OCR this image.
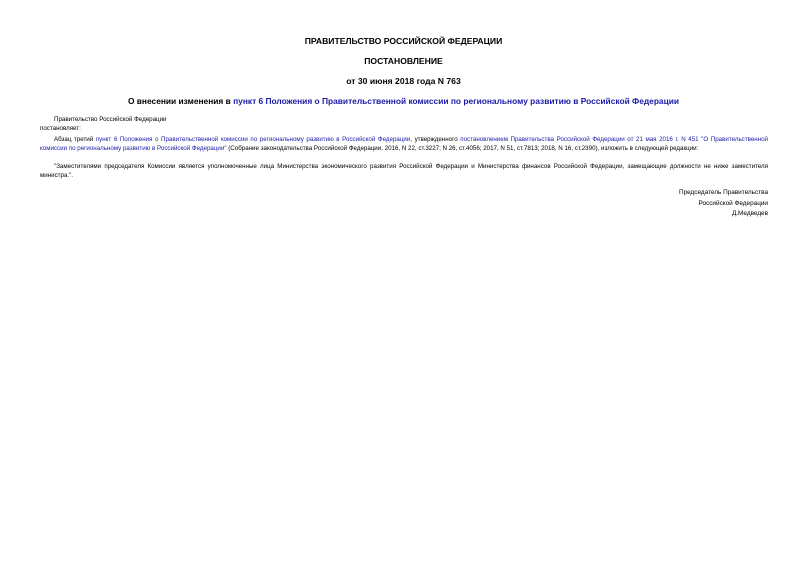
ПРАВИТЕЛЬСТВО РОССИЙСКОЙ ФЕДЕРАЦИИ
ПОСТАНОВЛЕНИЕ
от 30 июня 2018 года N 763
О внесении изменения в пункт 6 Положения о Правительственной комиссии по региональному развитию в Российской Федерации
Правительство Российской Федерации
постановляет:
Абзац третий пункт 6 Положения о Правительственной комиссии по региональному развитию в Российской Федерации, утвержденного постановлением Правительства Российской Федерации от 21 мая 2016 г. N 451 "О Правительственной комиссии по региональному развитию в Российской Федерации" (Собрание законодательства Российской Федерации, 2016, N 22, ст.3227; N 26, ст.4056; 2017, N 51, ст.7813; 2018, N 16, ст.2390), изложить в следующей редакции:
"Заместителями председателя Комиссии является уполномоченные лица Министерства экономического развития Российской Федерации и Министерства финансов Российской Федерации, замещающие должности не ниже заместителя министра.".
Председатель Правительства
Российской Федерации
Д.Медведев
